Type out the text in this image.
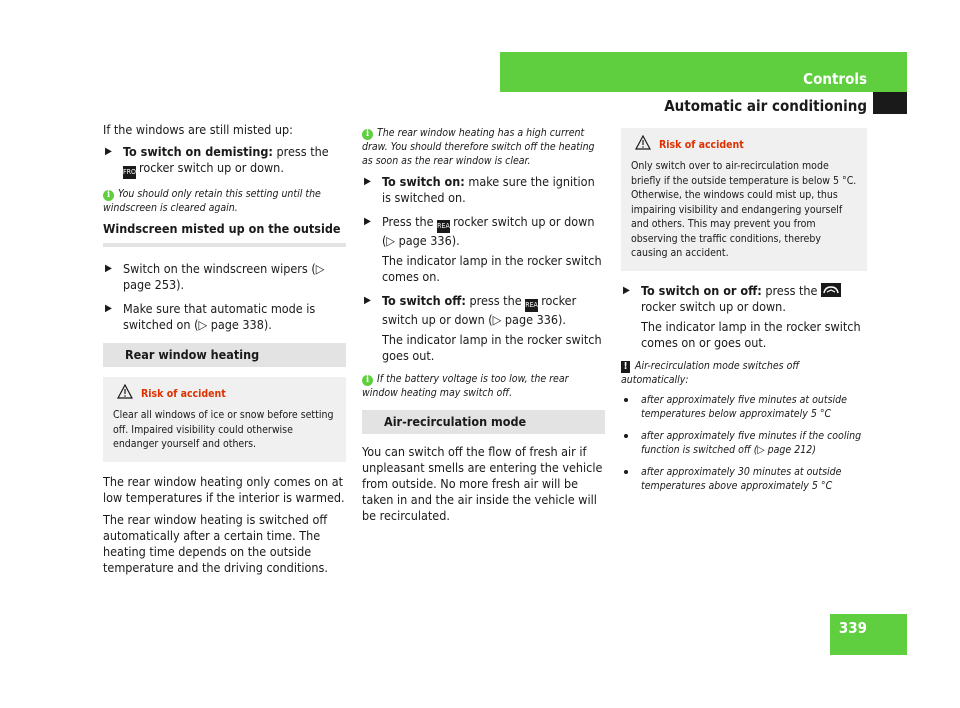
Controls
Automatic air conditioning

If the windows are still misted up:

▶ To switch on demisting: press the
FRONTrocker switch up or down.

i You should only retain this setting until the windscreen is cleared again.

Windscreen misted up on the outside
▶ Switch on the windscreen wipers (▷ page 253).
▶ Make sure that automatic mode is switched on (▷ page 338).
Rear window heating
Risk of accident
Clear all windows of ice or snow before setting off. Impaired visibility could otherwise endanger yourself and others.

The rear window heating only comes on at low temperatures if the interior is warmed.

The rear window heating is switched off automatically after a certain time. The heating time depends on the outside temperature and the driving conditions.

i The rear window heating has a high current draw. You should therefore switch off the heating as soon as the rear window is clear.

▶ To switch on: make sure the ignition is switched on.
▶ Press the REARrocker switch up or down (▷ page 336).
The indicator lamp in the rocker switch comes on.
▶ To switch off: press the REARrocker switch up or down (▷ page 336).
The indicator lamp in the rocker switch goes out.

i If the battery voltage is too low, the rear window heating may switch off.

Air-recirculation mode

You can switch off the flow of fresh air if unpleasant smells are entering the vehicle from outside. No more fresh air will be taken in and the air inside the vehicle will be recirculated.

Risk of accident
Only switch over to air-recirculation mode briefly if the outside temperature is below 5 °C. Otherwise, the windows could mist up, thus impairing visibility and endangering yourself and others. This may prevent you from observing the traffic conditions, thereby causing an accident.
▶ To switch on or off: press the
rocker switch up or down.
The indicator lamp in the rocker switch comes on or goes out.

! Air-recirculation mode switches off automatically:

after approximately five minutes at outside temperatures below approximately 5 °C
after approximately five minutes if the cooling function is switched off (▷ page 212)
after approximately 30 minutes at outside temperatures above approximately 5 °C
339
